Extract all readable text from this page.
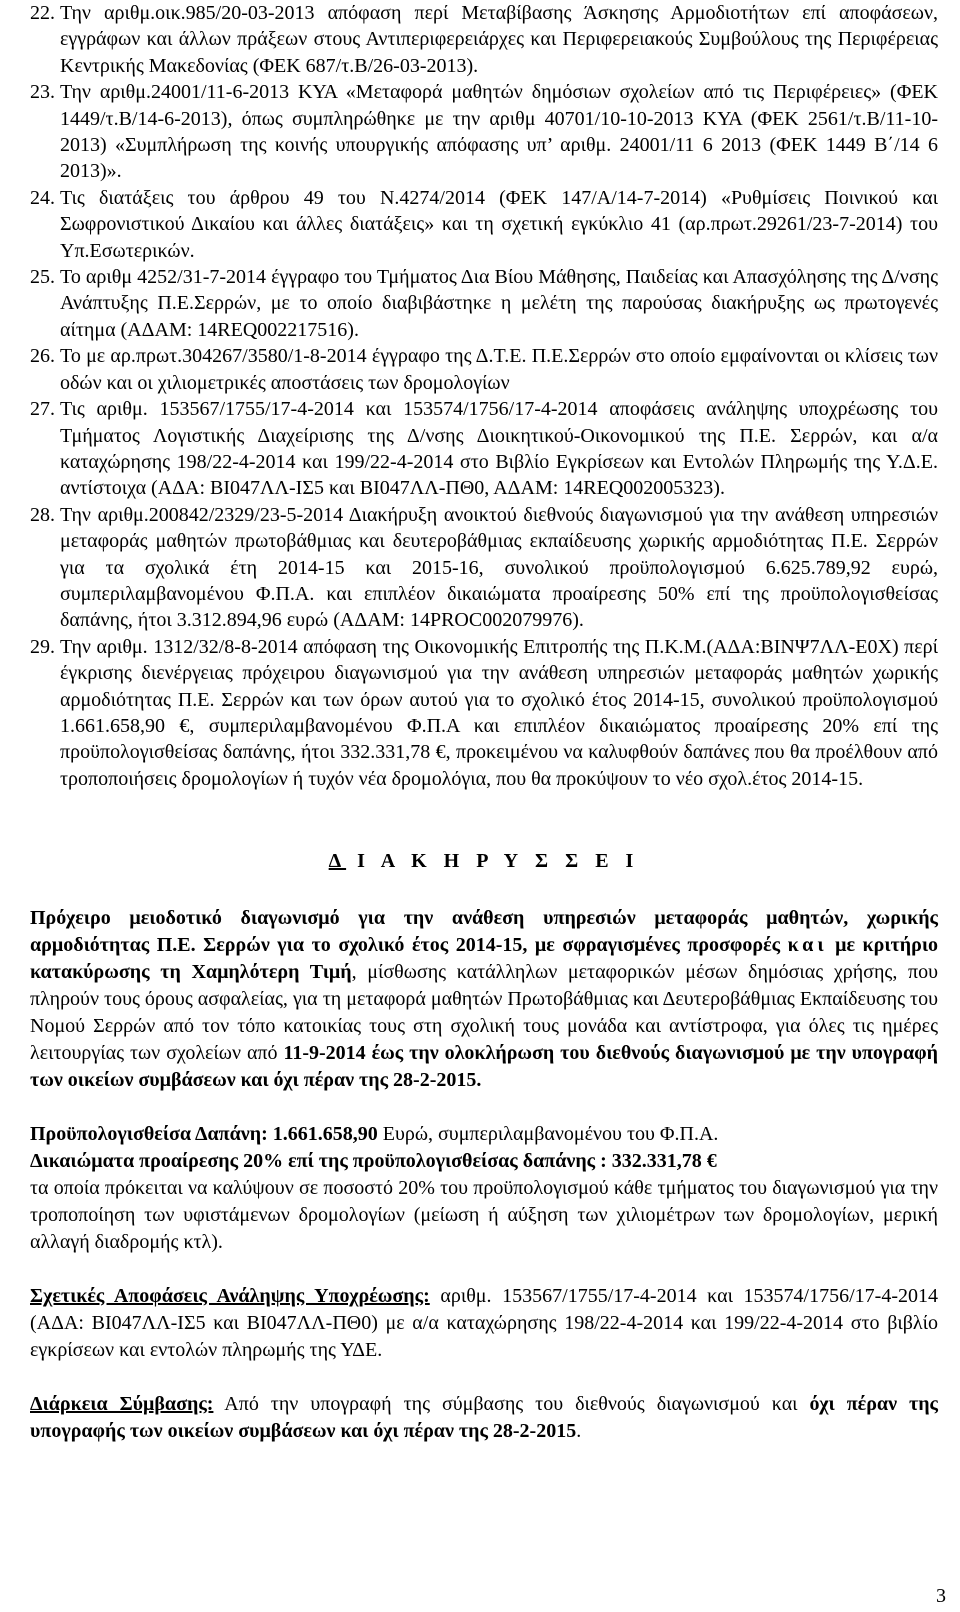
22. Την αριθμ.οικ.985/20-03-2013 απόφαση περί Μεταβίβασης Άσκησης Αρμοδιοτήτων επί αποφάσεων, εγγράφων και άλλων πράξεων στους Αντιπεριφερειάρχες και Περιφερειακούς Συμβούλους της Περιφέρειας Κεντρικής Μακεδονίας (ΦΕΚ 687/τ.Β/26-03-2013).
23. Την αριθμ.24001/11-6-2013 ΚΥΑ «Μεταφορά μαθητών δημόσιων σχολείων από τις Περιφέρειες» (ΦΕΚ 1449/τ.Β/14-6-2013), όπως συμπληρώθηκε με την αριθμ 40701/10-10-2013 ΚΥΑ (ΦΕΚ 2561/τ.Β/11-10-2013) «Συμπλήρωση της κοινής υπουργικής απόφασης υπ’ αριθμ. 24001/11 6 2013 (ΦΕΚ 1449 Β΄/14 6 2013)».
24. Τις διατάξεις του άρθρου 49 του Ν.4274/2014 (ΦΕΚ 147/Α/14-7-2014) «Ρυθμίσεις Ποινικού και Σωφρονιστικού Δικαίου και άλλες διατάξεις» και τη σχετική εγκύκλιο 41 (αρ.πρωτ.29261/23-7-2014) του Υπ.Εσωτερικών.
25. Το αριθμ 4252/31-7-2014 έγγραφο του Τμήματος Δια Βίου Μάθησης, Παιδείας και Απασχόλησης της Δ/νσης Ανάπτυξης Π.Ε.Σερρών, με το οποίο διαβιβάστηκε η μελέτη της παρούσας διακήρυξης ως πρωτογενές αίτημα (ΑΔΑΜ: 14REQ002217516).
26. Το με αρ.πρωτ.304267/3580/1-8-2014 έγγραφο της Δ.Τ.Ε. Π.Ε.Σερρών στο οποίο εμφαίνονται οι κλίσεις των οδών και οι χιλιομετρικές αποστάσεις των δρομολογίων
27. Τις αριθμ. 153567/1755/17-4-2014 και 153574/1756/17-4-2014 αποφάσεις ανάληψης υποχρέωσης του Τμήματος Λογιστικής Διαχείρισης της Δ/νσης Διοικητικού-Οικονομικού της Π.Ε. Σερρών, και α/α καταχώρησης 198/22-4-2014 και 199/22-4-2014 στο Βιβλίο Εγκρίσεων και Εντολών Πληρωμής της Υ.Δ.Ε. αντίστοιχα (ΑΔΑ: ΒΙ047ΛΛ-ΙΣ5 και ΒΙ047ΛΛ-ΠΘ0, ΑΔΑΜ: 14REQ002005323).
28. Την αριθμ.200842/2329/23-5-2014 Διακήρυξη ανοικτού διεθνούς διαγωνισμού για την ανάθεση υπηρεσιών μεταφοράς μαθητών πρωτοβάθμιας και δευτεροβάθμιας εκπαίδευσης χωρικής αρμοδιότητας Π.Ε. Σερρών για τα σχολικά έτη 2014-15 και 2015-16, συνολικού προϋπολογισμού 6.625.789,92 ευρώ, συμπεριλαμβανομένου Φ.Π.Α. και επιπλέον δικαιώματα προαίρεσης 50% επί της προϋπολογισθείσας δαπάνης, ήτοι 3.312.894,96 ευρώ (ΑΔΑΜ: 14PROC002079976).
29. Την αριθμ. 1312/32/8-8-2014 απόφαση της Οικονομικής Επιτροπής της Π.Κ.Μ.(ΑΔΑ:ΒΙΝΨ7ΛΛ-Ε0Χ) περί έγκρισης διενέργειας πρόχειρου διαγωνισμού για την ανάθεση υπηρεσιών μεταφοράς μαθητών χωρικής αρμοδιότητας Π.Ε. Σερρών και των όρων αυτού για το σχολικό έτος 2014-15, συνολικού προϋπολογισμού 1.661.658,90 €, συμπεριλαμβανομένου Φ.Π.Α και επιπλέον δικαιώματος προαίρεσης 20% επί της προϋπολογισθείσας δαπάνης, ήτοι 332.331,78 €, προκειμένου να καλυφθούν δαπάνες που θα προέλθουν από τροποποιήσεις δρομολογίων ή τυχόν νέα δρομολόγια, που θα προκύψουν το νέο σχολ.έτος 2014-15.
Δ Ι Α Κ Η Ρ Υ Σ Σ Ε Ι

Πρόχειρο μειοδοτικό διαγωνισμό για την ανάθεση υπηρεσιών μεταφοράς μαθητών, χωρικής αρμοδιότητας Π.Ε. Σερρών για το σχολικό έτος 2014-15, με σφραγισμένες προσφορές και με κριτήριο κατακύρωσης τη Χαμηλότερη Τιμή, μίσθωσης κατάλληλων μεταφορικών μέσων δημόσιας χρήσης, που πληρούν τους όρους ασφαλείας, για τη μεταφορά μαθητών Πρωτοβάθμιας και Δευτεροβάθμιας Εκπαίδευσης του Νομού Σερρών από τον τόπο κατοικίας τους στη σχολική τους μονάδα και αντίστροφα, για όλες τις ημέρες λειτουργίας των σχολείων από 11-9-2014 έως την ολοκλήρωση του διεθνούς διαγωνισμού με την υπογραφή των οικείων συμβάσεων και όχι πέραν της 28-2-2015.

Προϋπολογισθείσα Δαπάνη: 1.661.658,90 Ευρώ, συμπεριλαμβανομένου του Φ.Π.Α.

Δικαιώματα προαίρεσης 20% επί της προϋπολογισθείσας δαπάνης : 332.331,78 €

τα οποία πρόκειται να καλύψουν σε ποσοστό 20% του προϋπολογισμού κάθε τμήματος του διαγωνισμού για την τροποποίηση των υφιστάμενων δρομολογίων (μείωση ή αύξηση των χιλιομέτρων των δρομολογίων, μερική αλλαγή διαδρομής κτλ).

Σχετικές Αποφάσεις Ανάληψης Υποχρέωσης: αριθμ. 153567/1755/17-4-2014 και 153574/1756/17-4-2014 (ΑΔΑ: ΒΙ047ΛΛ-ΙΣ5 και ΒΙ047ΛΛ-ΠΘ0) με α/α καταχώρησης 198/22-4-2014 και 199/22-4-2014 στο βιβλίο εγκρίσεων και εντολών πληρωμής της ΥΔΕ.

Διάρκεια Σύμβασης: Από την υπογραφή της σύμβασης του διεθνούς διαγωνισμού και όχι πέραν της υπογραφής των οικείων συμβάσεων και όχι πέραν της 28-2-2015.

3
